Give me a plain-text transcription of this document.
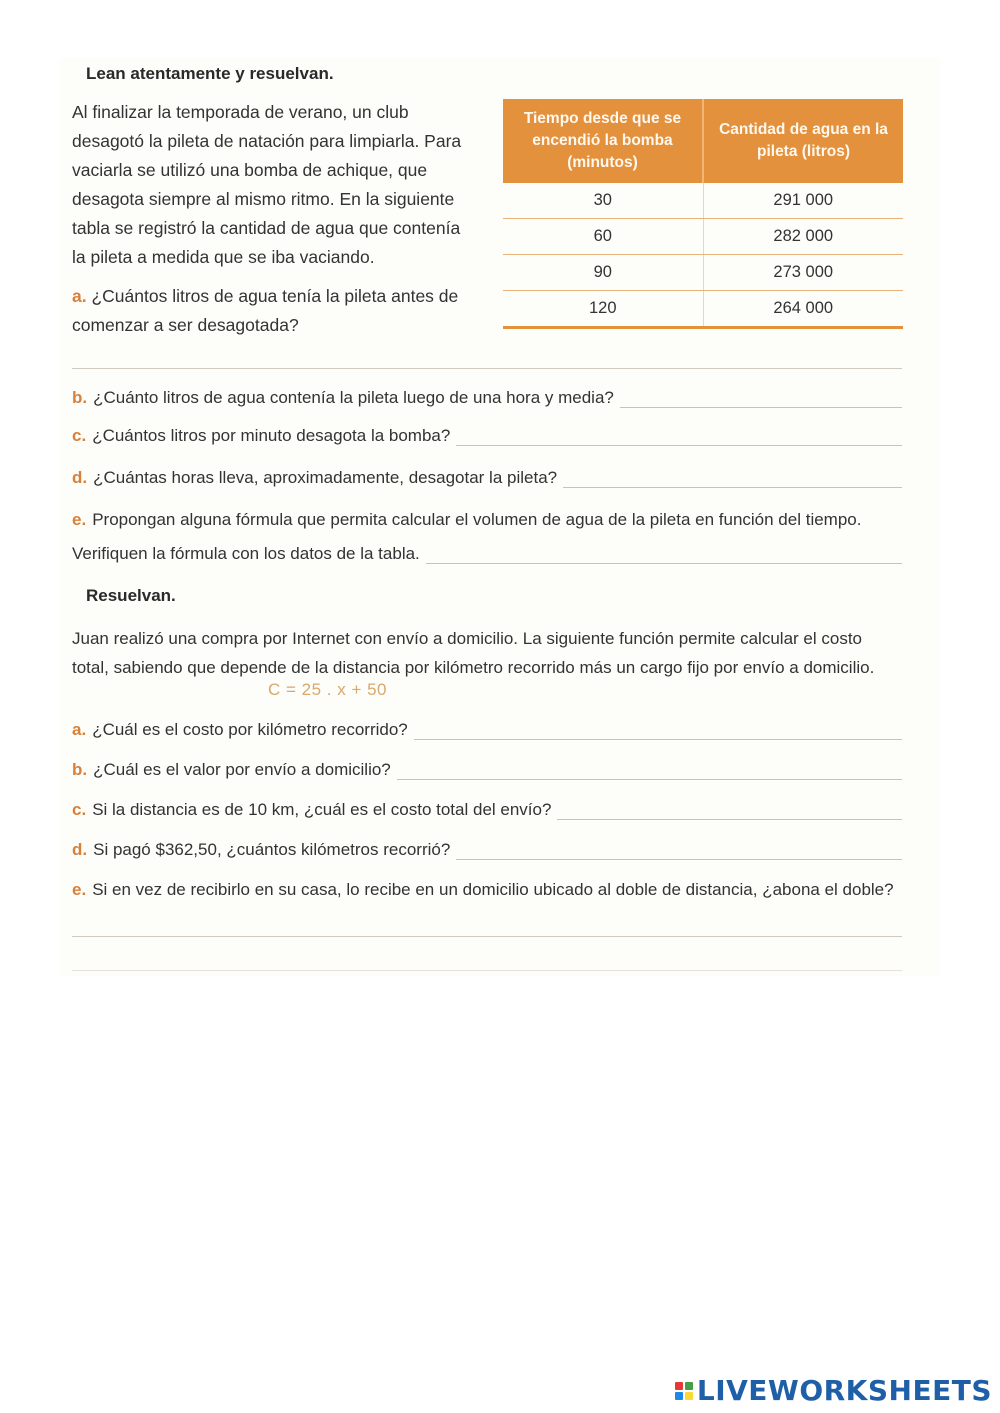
Lean atentamente y resuelvan.
Al finalizar la temporada de verano, un club
desagotó la pileta de natación para limpiarla. Para
vaciarla se utilizó una bomba de achique, que
desagota siempre al mismo ritmo. En la siguiente
tabla se registró la cantidad de agua que contenía
la pileta a medida que se iba vaciando.
Tiempo desde que se encendió la bomba (minutos)	Cantidad de agua en la pileta (litros)
30	291 000
60	282 000
90	273 000
120	264 000
a. ¿Cuántos litros de agua tenía la pileta antes de
comenzar a ser desagotada?
b. ¿Cuánto litros de agua contenía la pileta luego de una hora y media?
c. ¿Cuántos litros por minuto desagota la bomba?
d. ¿Cuántas horas lleva, aproximadamente, desagotar la pileta?
e. Propongan alguna fórmula que permita calcular el volumen de agua de la pileta en función del tiempo.
Verifiquen la fórmula con los datos de la tabla.
Resuelvan.
Juan realizó una compra por Internet con envío a domicilio. La siguiente función permite calcular el costo
total, sabiendo que depende de la distancia por kilómetro recorrido más un cargo fijo por envío a domicilio.
C = 25 . x + 50
a. ¿Cuál es el costo por kilómetro recorrido?
b. ¿Cuál es el valor por envío a domicilio?
c. Si la distancia es de 10 km, ¿cuál es el costo total del envío?
d. Si pagó $362,50, ¿cuántos kilómetros recorrió?
e. Si en vez de recibirlo en su casa, lo recibe en un domicilio ubicado al doble de distancia, ¿abona el doble?
LIVEWORKSHEETS
